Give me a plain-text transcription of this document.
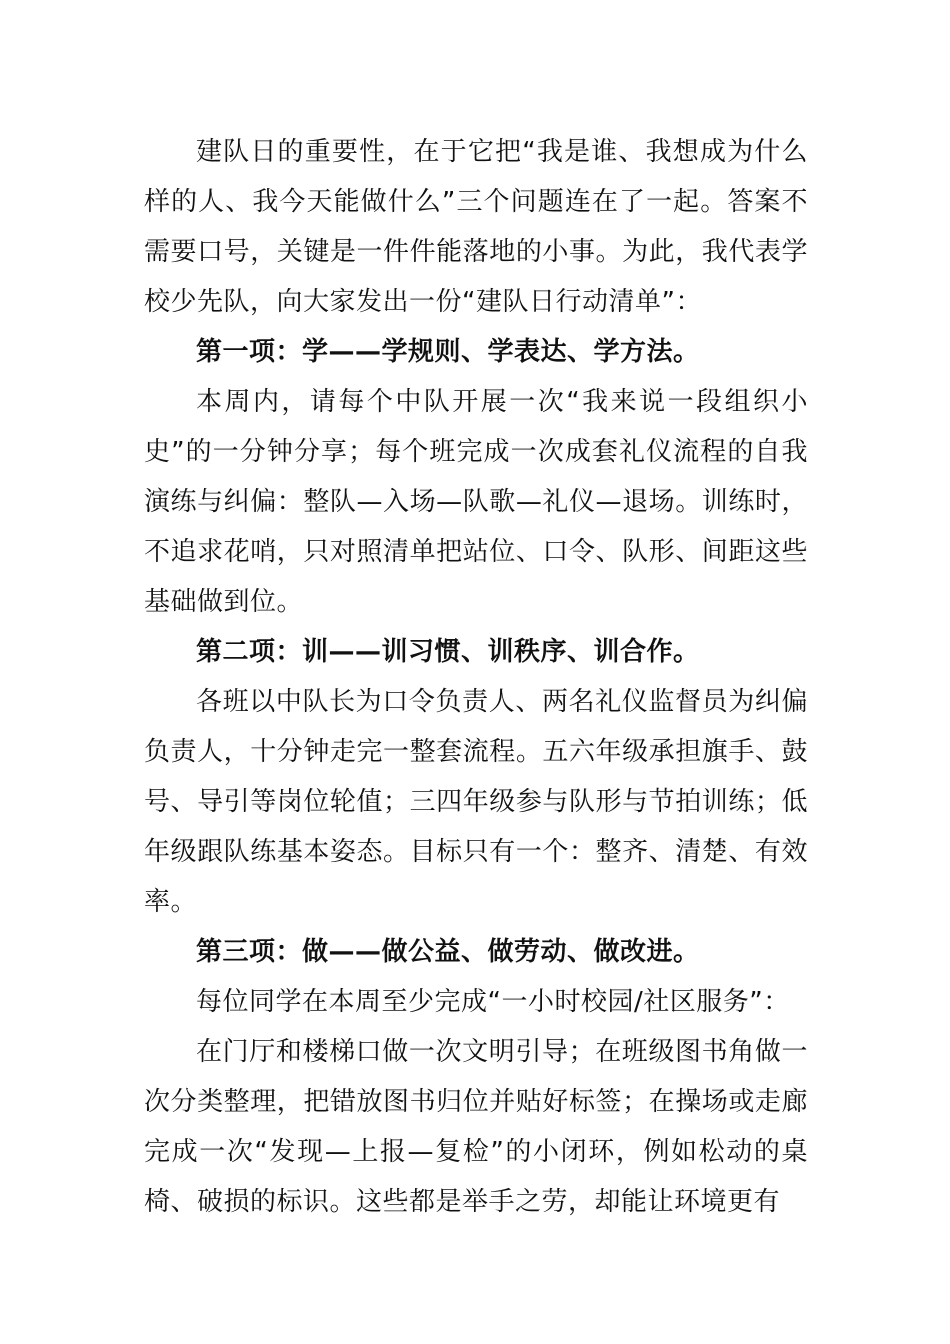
建队日的重要性，在于它把“我是谁、我想成为什么样的人、我今天能做什么”三个问题连在了一起。答案不需要口号，关键是一件件能落地的小事。为此，我代表学校少先队，向大家发出一份“建队日行动清单”：

第一项：学——学规则、学表达、学方法。

本周内，请每个中队开展一次“我来说一段组织小史”的一分钟分享；每个班完成一次成套礼仪流程的自我演练与纠偏：整队—入场—队歌—礼仪—退场。训练时，不追求花哨，只对照清单把站位、口令、队形、间距这些基础做到位。

第二项：训——训习惯、训秩序、训合作。

各班以中队长为口令负责人、两名礼仪监督员为纠偏负责人，十分钟走完一整套流程。五六年级承担旗手、鼓号、导引等岗位轮值；三四年级参与队形与节拍训练；低年级跟队练基本姿态。目标只有一个：整齐、清楚、有效率。

第三项：做——做公益、做劳动、做改进。

每位同学在本周至少完成“一小时校园/社区服务”：

在门厅和楼梯口做一次文明引导；在班级图书角做一次分类整理，把错放图书归位并贴好标签；在操场或走廊完成一次“发现—上报—复检”的小闭环，例如松动的桌椅、破损的标识。这些都是举手之劳，却能让环境更有
